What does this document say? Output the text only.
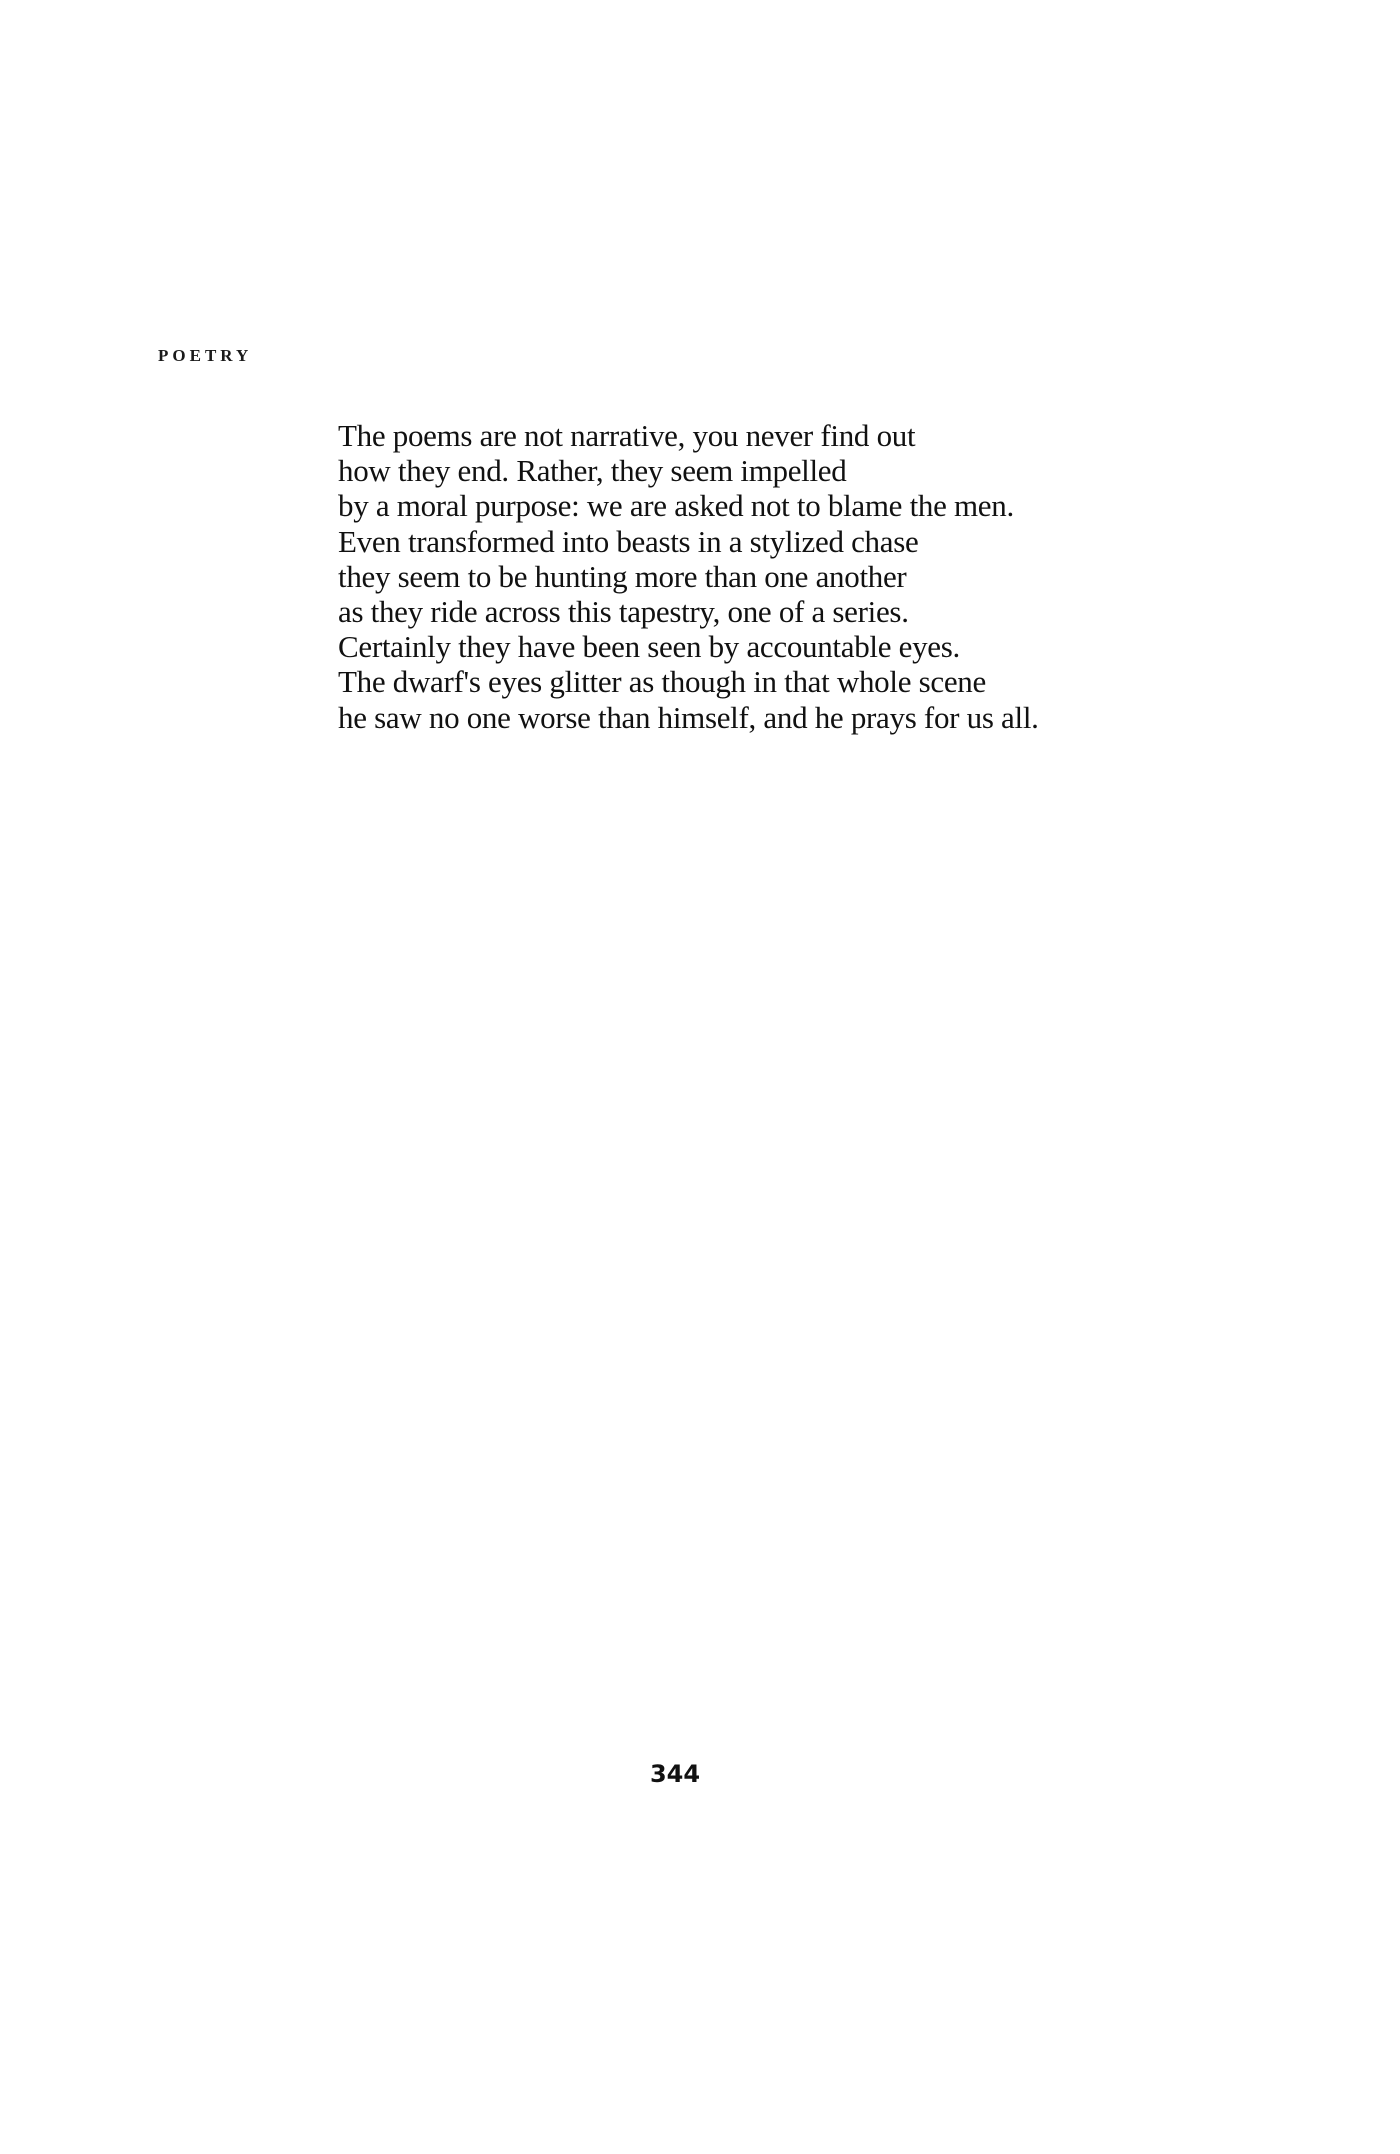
POETRY
The poems are not narrative, you never find out
how they end. Rather, they seem impelled
by a moral purpose: we are asked not to blame the men.
Even transformed into beasts in a stylized chase
they seem to be hunting more than one another
as they ride across this tapestry, one of a series.
Certainly they have been seen by accountable eyes.
The dwarf's eyes glitter as though in that whole scene
he saw no one worse than himself, and he prays for us all.
344
